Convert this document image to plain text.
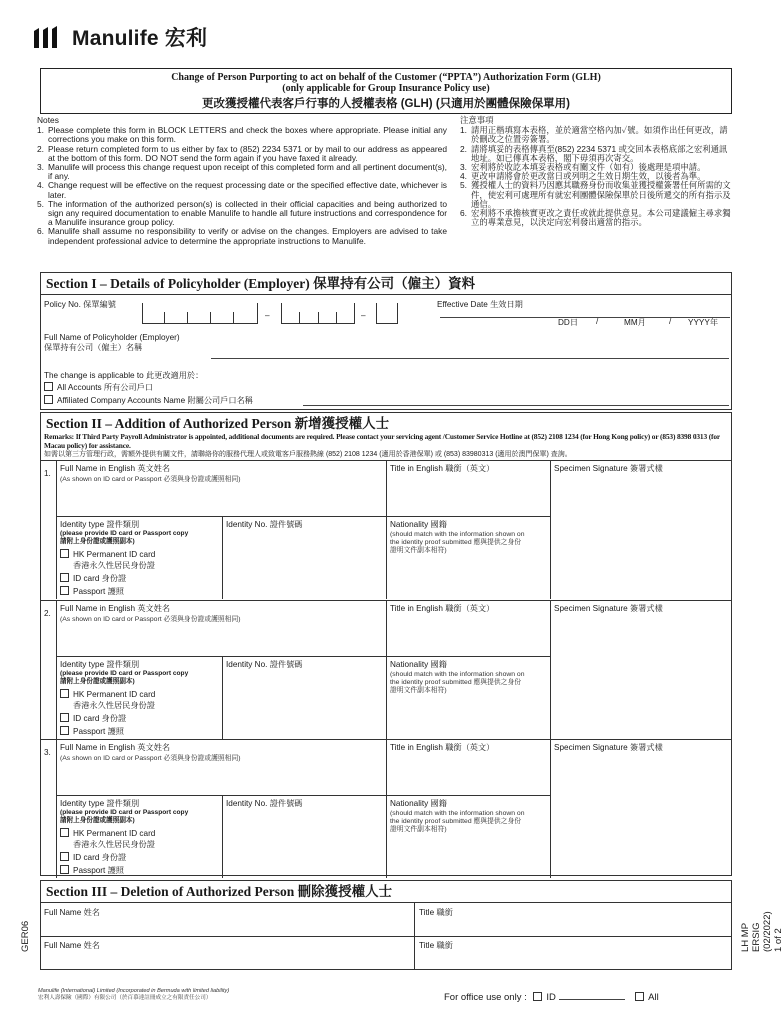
Manulife 宏利
Change of Person Purporting to act on behalf of the Customer (“PPTA”) Authorization Form (GLH)
(only applicable for Group Insurance Policy use)
更改獲授權代表客戶行事的人授權表格 (GLH) (只適用於團體保險保單用)
Notes
1. Please complete this form in BLOCK LETTERS and check the boxes where appropriate. Please initial any corrections you make on this form.
2. Please return completed form to us either by fax to (852) 2234 5371 or by mail to our address as appeared at the bottom of this form. DO NOT send the form again if you have faxed it already.
3. Manulife will process this change request upon receipt of this completed form and all pertinent document(s), if any.
4. Change request will be effective on the request processing date or the specified effective date, whichever is later.
5. The information of the authorized person(s) is collected in their official capacities and being authorized to sign any required documentation to enable Manulife to handle all future instructions and correspondence for a Manulife insurance group policy.
6. Manulife shall assume no responsibility to verify or advise on the changes. Employers are advised to take independent professional advice to determine the appropriate instructions to Manulife.
注意事項
1. 請用正楷填寫本表格，並於適當空格內加✓號。如須作出任何更改，請於刪改之位置旁簽署。
2. 請將填妥的表格傳真至(852) 2234 5371 或交回本表格底部之宏利通訊地址。如已傳真本表格，閣下毋須再次寄交。
3. 宏利將於收訖本填妥表格或有關文件（如有）後處理是項申請。
4. 更改申請將會於更改當日或列明之生效日期生效，以後者為準。
5. 獲授權人士的資料乃因應其職務身份而收集並獲授權簽署任何所需的文件，使宏利可處理所有就宏利團體保險保單於日後所遞交的所有指示及通信。
6. 宏利將不承擔核實更改之責任或就此提供意見。本公司建議僱主尋求獨立的專業意見，以決定向宏利發出適當的指示。
Section I – Details of Policyholder (Employer) 保單持有公司（僱主）資料
Policy No. 保單編號	Effective Date 生效日期
DD日 /	MM月	/ YYYY年
Full Name of Policyholder (Employer)
保單持有公司（僱主）名稱
The change is applicable to 此更改適用於：
All Accounts 所有公司戶口
Affiliated Company Accounts Name 附屬公司戶口名稱
–	–
Section II – Addition of Authorized Person 新增獲授權人士
Remarks: If Third Party Payroll Administrator is appointed, additional documents are required. Please contact your servicing agent /Customer Service Hotline at (852) 2108 1234 (for Hong Kong policy) or (853) 8398 0313 (for Macau policy) for assistance.
如需以第三方管理行政，需額外提供有關文件，請聯絡你的服務代理人或致電客戶服務熱線 (852) 2108 1234 (適用於香港保單) 或 (853) 83980313 (適用於澳門保單) 查詢。
1.
Full Name in English 英文姓名
(As shown on ID card or Passport 必須與身份證或護照相同)
Title in English 職銜（英文）	Specimen Signature 簽署式樣
Identity type 證件類別
(please provide ID card or Passport copy
請附上身份證或護照副本)
HK Permanent ID card
香港永久性居民身份證
ID card 身份證
Passport 護照
Identity No. 證件號碼	Nationality 國籍
(should match with the information shown on
the identity proof submitted 應與提供之身份
證明文件副本相符)
2.
Full Name in English 英文姓名
(As shown on ID card or Passport 必須與身份證或護照相同)
Title in English 職銜（英文）	Specimen Signature 簽署式樣
Identity type 證件類別
(please provide ID card or Passport copy
請附上身份證或護照副本)
HK Permanent ID card
香港永久性居民身份證
ID card 身份證
Passport 護照
Identity No. 證件號碼	Nationality 國籍
(should match with the information shown on
the identity proof submitted 應與提供之身份
證明文件副本相符)
3.
Full Name in English 英文姓名
(As shown on ID card or Passport 必須與身份證或護照相同)
Title in English 職銜（英文）	Specimen Signature 簽署式樣
Identity type 證件類別
(please provide ID card or Passport copy
請附上身份證或護照副本)
HK Permanent ID card
香港永久性居民身份證
ID card 身份證
Passport 護照
Identity No. 證件號碼	Nationality 國籍
(should match with the information shown on
the identity proof submitted 應與提供之身份
證明文件副本相符)
Section III – Deletion of Authorized Person 刪除獲授權人士
Full Name 姓名	Title 職銜
Full Name 姓名	Title 職銜
Manulife (International) Limited (Incorporated in Bermuda with limited liability)
宏利人壽保險（國際）有限公司（於百慕達註冊成立之有限責任公司）	For office use only : ID	All
GER06	LH MP ERSIG (02/2022) 1 of 2
